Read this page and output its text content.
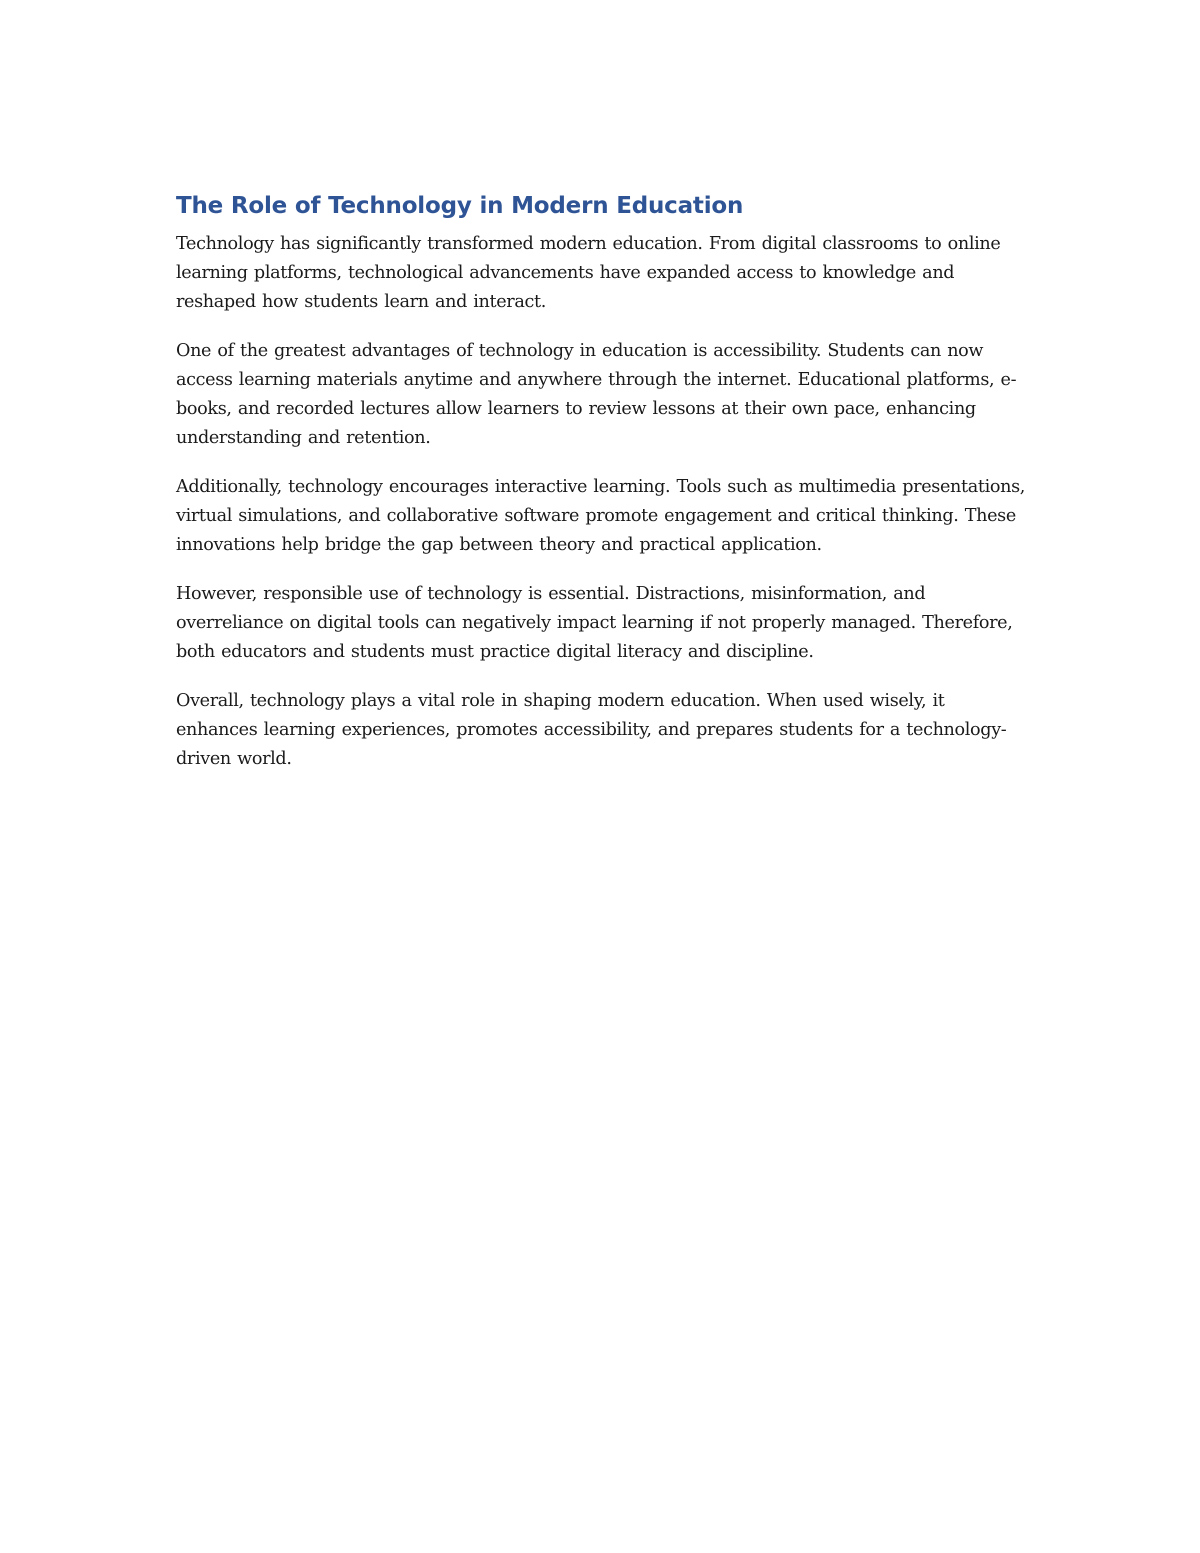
The Role of Technology in Modern Education

Technology has significantly transformed modern education. From digital classrooms to online learning platforms, technological advancements have expanded access to knowledge and reshaped how students learn and interact.

One of the greatest advantages of technology in education is accessibility. Students can now access learning materials anytime and anywhere through the internet. Educational platforms, e-books, and recorded lectures allow learners to review lessons at their own pace, enhancing understanding and retention.

Additionally, technology encourages interactive learning. Tools such as multimedia presentations, virtual simulations, and collaborative software promote engagement and critical thinking. These innovations help bridge the gap between theory and practical application.

However, responsible use of technology is essential. Distractions, misinformation, and overreliance on digital tools can negatively impact learning if not properly managed. Therefore, both educators and students must practice digital literacy and discipline.

Overall, technology plays a vital role in shaping modern education. When used wisely, it enhances learning experiences, promotes accessibility, and prepares students for a technology-driven world.
